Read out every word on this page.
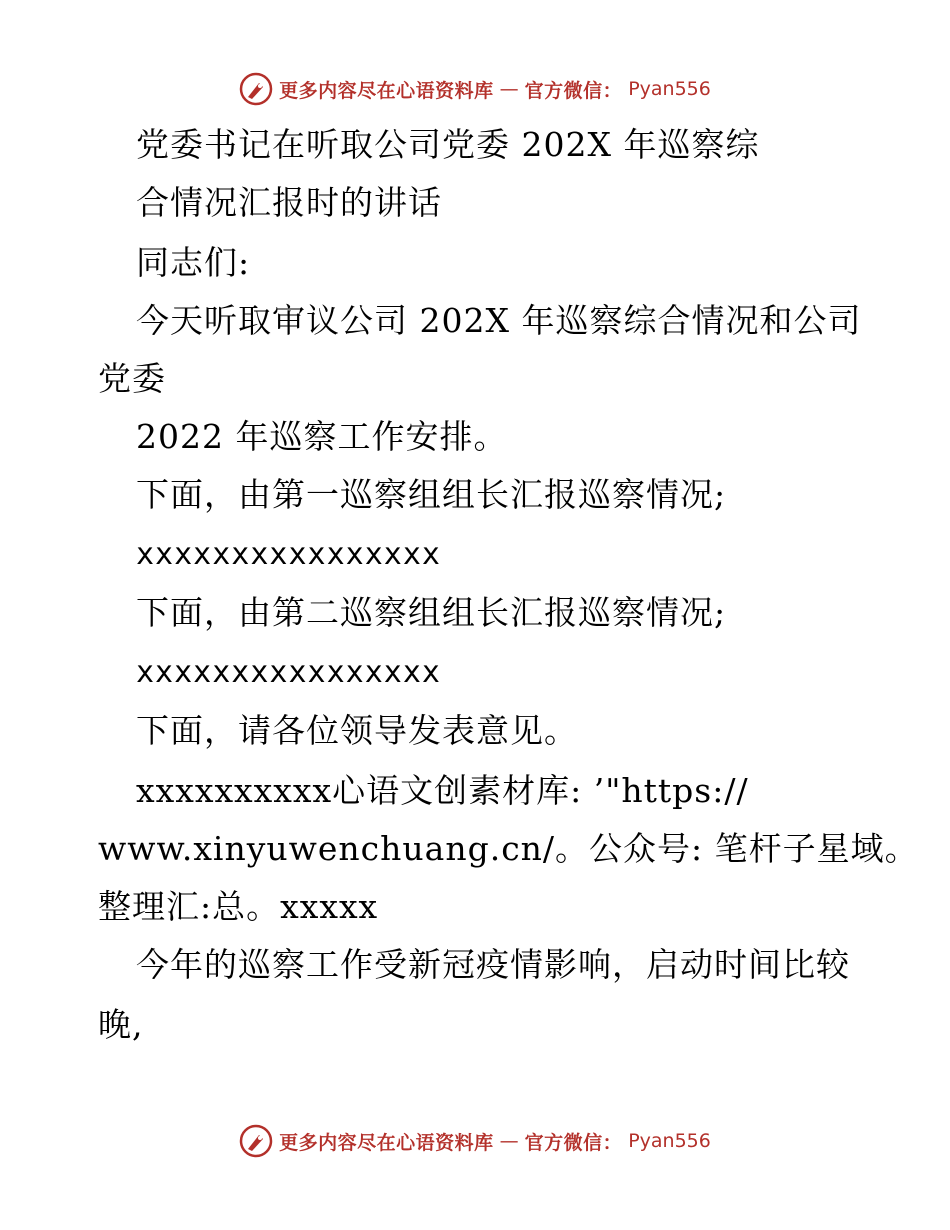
更多内容尽在心语资料库 — 官方微信： Pyan556
党委书记在听取公司党委 202X 年巡察综
合情况汇报时的讲话
同志们:
今天听取审议公司 202X 年巡察综合情况和公司
党委
2022 年巡察工作安排。
下面，由第一巡察组组长汇报巡察情况;
xxxxxxxxxxxxxxxx
下面，由第二巡察组组长汇报巡察情况;
xxxxxxxxxxxxxxxx
下面，请各位领导发表意见。
xxxxxxxxxx心语文创素材库: ’"https://
www.xinyuwenchuang.cn/。公众号: 笔杆子星域。
整理汇:总。xxxxx
今年的巡察工作受新冠疫情影响，启动时间比较
晚,
更多内容尽在心语资料库 — 官方微信： Pyan556
